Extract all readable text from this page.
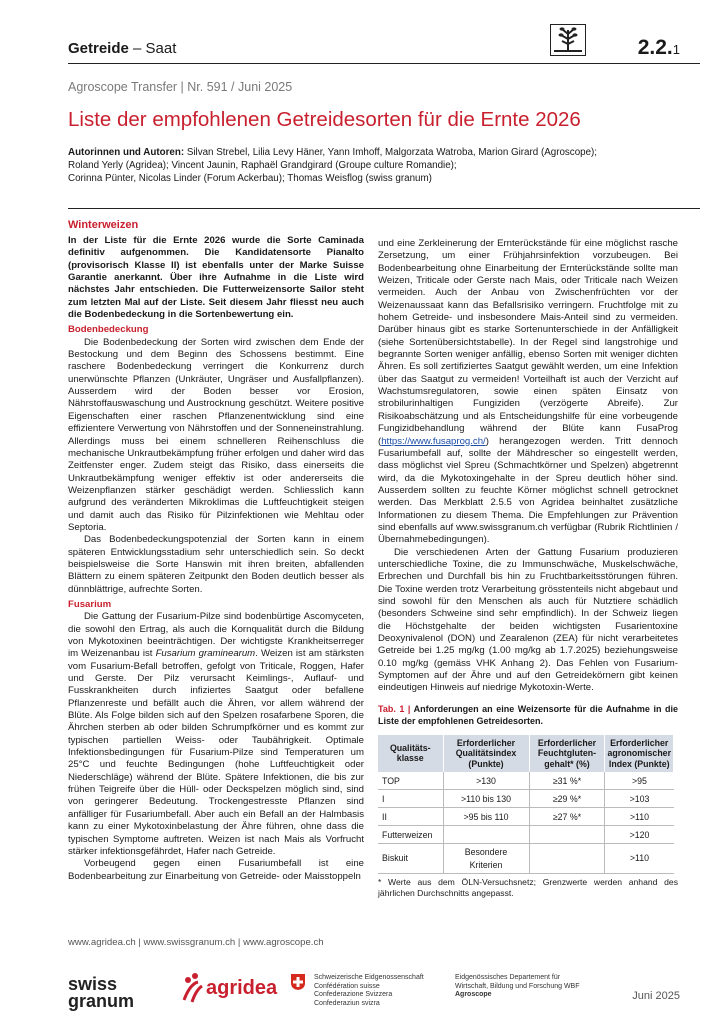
Getreide – Saat	2.2.1
Agroscope Transfer | Nr. 591 / Juni 2025
Liste der empfohlenen Getreidesorten für die Ernte 2026
Autorinnen und Autoren: Silvan Strebel, Lilia Levy Häner, Yann Imhoff, Malgorzata Watroba, Marion Girard (Agroscope);
Roland Yerly (Agridea); Vincent Jaunin, Raphaël Grandgirard (Groupe culture Romandie);
Corinna Pünter, Nicolas Linder (Forum Ackerbau); Thomas Weisflog (swiss granum)
Winterweizen

In der Liste für die Ernte 2026 wurde die Sorte Caminada definitiv aufgenommen. Die Kandidatensorte Pianalto (provisorisch Klasse II) ist ebenfalls unter der Marke Suisse Garantie anerkannt. Über ihre Aufnahme in die Liste wird nächstes Jahr entschieden. Die Futterweizensorte Sailor steht zum letzten Mal auf der Liste. Seit diesem Jahr fliesst neu auch die Bodenbedeckung in die Sortenbewertung ein.

Bodenbedeckung

Die Bodenbedeckung der Sorten wird zwischen dem Ende der Bestockung und dem Beginn des Schossens bestimmt. Eine raschere Bodenbedeckung verringert die Konkurrenz durch unerwünschte Pflanzen (Unkräuter, Ungräser und Ausfallpflanzen). Ausserdem wird der Boden besser vor Erosion, Nährstoffauswaschung und Austrocknung geschützt. Weitere positive Eigenschaften einer raschen Pflanzenentwicklung sind eine effizientere Verwertung von Nährstoffen und der Sonneneinstrahlung. Allerdings muss bei einem schnelleren Reihenschluss die mechanische Unkrautbekämpfung früher erfolgen und daher wird das Zeitfenster enger. Zudem steigt das Risiko, dass einerseits die Unkrautbekämpfung weniger effektiv ist oder andererseits die Weizenpflanzen stärker geschädigt werden. Schliesslich kann aufgrund des veränderten Mikroklimas die Luftfeuchtigkeit steigen und damit auch das Risiko für Pilzinfektionen wie Mehltau oder Septoria.

Das Bodenbedeckungspotenzial der Sorten kann in einem späteren Entwicklungsstadium sehr unterschiedlich sein. So deckt beispielsweise die Sorte Hanswin mit ihren breiten, abfallenden Blättern zu einem späteren Zeitpunkt den Boden deutlich besser als dünnblättrige, aufrechte Sorten.

Fusarium

Die Gattung der Fusarium-Pilze sind bodenbürtige Ascomyceten, die sowohl den Ertrag, als auch die Kornqualität durch die Bildung von Mykotoxinen beeinträchtigen. Der wichtigste Krankheitserreger im Weizenanbau ist Fusarium graminearum. Weizen ist am stärksten vom Fusarium-Befall betroffen, gefolgt von Triticale, Roggen, Hafer und Gerste. Der Pilz verursacht Keimlings-, Auflauf- und Fusskrankheiten durch infiziertes Saatgut oder befallene Pflanzenreste und befällt auch die Ähren, vor allem während der Blüte. Als Folge bilden sich auf den Spelzen rosafarbene Sporen, die Ährchen sterben ab oder bilden Schrumpfkörner und es kommt zur typischen partiellen Weiss- oder Taubährigkeit. Optimale Infektionsbedingungen für Fusarium-Pilze sind Temperaturen um 25°C und feuchte Bedingungen (hohe Luftfeuchtigkeit oder Niederschläge) während der Blüte. Spätere Infektionen, die bis zur frühen Teigreife über die Hüll- oder Deckspelzen möglich sind, sind von geringerer Bedeutung. Trockengestresste Pflanzen sind anfälliger für Fusariumbefall. Aber auch ein Befall an der Halmbasis kann zu einer Mykotoxinbelastung der Ähre führen, ohne dass die typischen Symptome auftreten. Weizen ist nach Mais als Vorfrucht stärker infektionsgefährdet, Hafer nach Getreide.

Vorbeugend gegen einen Fusariumbefall ist eine Bodenbearbeitung zur Einarbeitung von Getreide- oder Maisstoppeln

und eine Zerkleinerung der Ernterückstände für eine möglichst rasche Zersetzung, um einer Frühjahrsinfektion vorzubeugen. Bei Bodenbearbeitung ohne Einarbeitung der Ernterückstände sollte man Weizen, Triticale oder Gerste nach Mais, oder Triticale nach Weizen vermeiden. Auch der Anbau von Zwischenfrüchten vor der Weizenaussaat kann das Befallsrisiko verringern. Fruchtfolge mit zu hohem Getreide- und insbesondere Mais-Anteil sind zu vermeiden. Darüber hinaus gibt es starke Sortenunterschiede in der Anfälligkeit (siehe Sortenübersichtstabelle). In der Regel sind langstrohige und begrannte Sorten weniger anfällig, ebenso Sorten mit weniger dichten Ähren. Es soll zertifiziertes Saatgut gewählt werden, um eine Infektion über das Saatgut zu vermeiden! Vorteilhaft ist auch der Verzicht auf Wachstumsregulatoren, sowie einen späten Einsatz von strobilurinhaltigen Fungiziden (verzögerte Abreife). Zur Risikoabschätzung und als Entscheidungshilfe für eine vorbeugende Fungizidbehandlung während der Blüte kann FusaProg (https://www.fusaprog.ch/) herangezogen werden. Tritt dennoch Fusariumbefall auf, sollte der Mähdrescher so eingestellt werden, dass möglichst viel Spreu (Schmachtkörner und Spelzen) abgetrennt wird, da die Mykotoxingehalte in der Spreu deutlich höher sind. Ausserdem sollten zu feuchte Körner möglichst schnell getrocknet werden. Das Merkblatt 2.5.5 von Agridea beinhaltet zusätzliche Informationen zu diesem Thema. Die Empfehlungen zur Prävention sind ebenfalls auf www.swissgranum.ch verfügbar (Rubrik Richtlinien / Übernahmebedingungen).

Die verschiedenen Arten der Gattung Fusarium produzieren unterschiedliche Toxine, die zu Immunschwäche, Muskelschwäche, Erbrechen und Durchfall bis hin zu Fruchtbarkeitsstörungen führen. Die Toxine werden trotz Verarbeitung grösstenteils nicht abgebaut und sind sowohl für den Menschen als auch für Nutztiere schädlich (besonders Schweine sind sehr empfindlich). In der Schweiz liegen die Höchstgehalte der beiden wichtigsten Fusarientoxine Deoxynivalenol (DON) und Zearalenon (ZEA) für nicht verarbeitetes Getreide bei 1.25 mg/kg (1.00 mg/kg ab 1.7.2025) beziehungsweise 0.10 mg/kg (gemäss VHK Anhang 2). Das Fehlen von Fusarium-Symptomen auf der Ähre und auf den Getreidekörnern gibt keinen eindeutigen Hinweis auf niedrige Mykotoxin-Werte.

Tab. 1 | Anforderungen an eine Weizensorte für die Aufnahme in die Liste der empfohlenen Getreidesorten.

Qualitäts-klasse	Erforderlicher Qualitätsindex (Punkte)	Erforderlicher Feuchtgluten-gehalt* (%)	Erforderlicher agronomischer Index (Punkte)
TOP	>130	≥31 %*	>95
I	>110 bis 130	≥29 %*	>103
II	>95 bis 110	≥27 %*	>110
Futterweizen			>120
Biskuit	Besondere Kriterien		>110
* Werte aus dem ÖLN-Versuchsnetz; Grenzwerte werden anhand des jährlichen Durchschnitts angepasst.
www.agridea.ch | www.swissgranum.ch | www.agroscope.ch
swiss
granum
agridea	Schweizerische Eidgenossenschaft
Confédération suisse
Confederazione Svizzera
Confederaziun svizra
Eidgenössisches Departement für
Wirtschaft, Bildung und Forschung WBF
Agroscope	Juni 2025
